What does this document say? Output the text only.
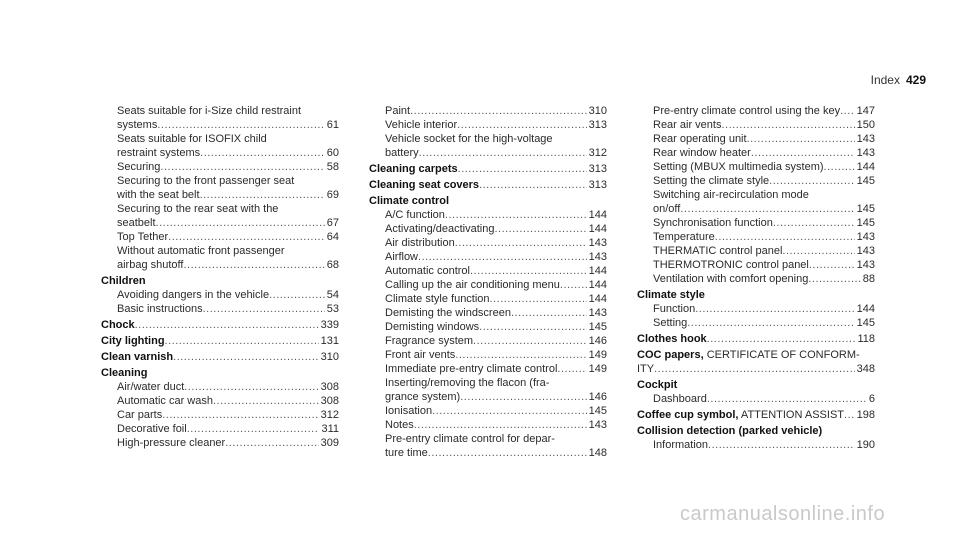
Index 429
Seats suitable for i-Size child restraint
systems .....	61
Seats suitable for ISOFIX child
restraint systems .....	60
Securing .....	58
Securing to the front passenger seat
with the seat belt .....	69
Securing to the rear seat with the
seatbelt .....	67
Top Tether .....	64
Without automatic front passenger
airbag shutoff .....	68
Children
Avoiding dangers in the vehicle .....	54
Basic instructions .....	53
Chock .....	339
City lighting .....	131
Clean varnish .....	310
Cleaning
Air/water duct .....	308
Automatic car wash .....	308
Car parts .....	312
Decorative foil .....	311
High-pressure cleaner .....	309
Paint .....	310
Vehicle interior .....	313
Vehicle socket for the high-voltage
battery .....	312
Cleaning carpets .....	313
Cleaning seat covers .....	313
Climate control
A/C function .....	144
Activating/deactivating .....	144
Air distribution .....	143
Airflow .....	143
Automatic control .....	144
Calling up the air conditioning menu .....	144
Climate style function .....	144
Demisting the windscreen .....	143
Demisting windows .....	145
Fragrance system .....	146
Front air vents .....	149
Immediate pre-entry climate control .....	149
Inserting/removing the flacon (fra-
grance system) .....	146
Ionisation .....	145
Notes .....	143
Pre-entry climate control for depar-
ture time .....	148
Pre-entry climate control using the key ..... 147
Rear air vents .....	150
Rear operating unit .....	143
Rear window heater .....	143
Setting (MBUX multimedia system) .....	144
Setting the climate style .....	145
Switching air-recirculation mode
on/off .....	145
Synchronisation function .....	145
Temperature .....	143
THERMATIC control panel .....	143
THERMOTRONIC control panel .....	143
Ventilation with comfort opening .....	88
Climate style
Function .....	144
Setting .....	145
Clothes hook .....	118
COC papers, CERTIFICATE OF CONFORM-
ITY .....	348
Cockpit
Dashboard .....	6
Coffee cup symbol, ATTENTION ASSIST ..... 198
Collision detection (parked vehicle)
Information .....	190
carmanualsonline.info
